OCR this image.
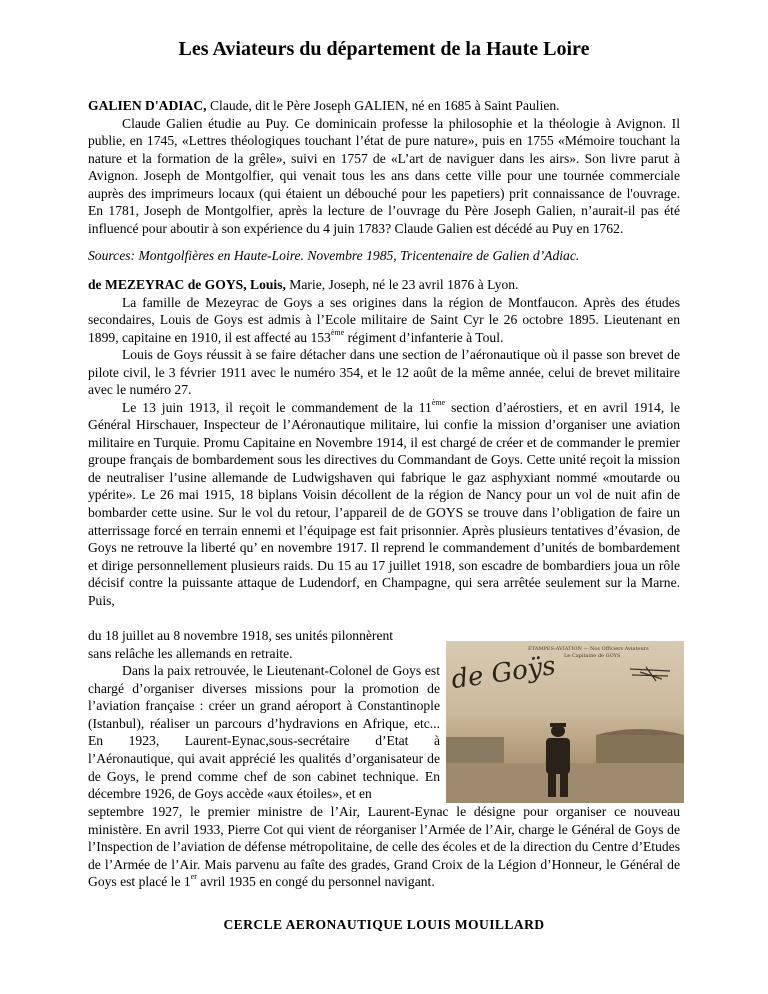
Les Aviateurs du département de la Haute Loire

GALIEN D'ADIAC, Claude, dit le Père Joseph GALIEN, né en 1685 à Saint Paulien.

Claude Galien étudie au Puy. Ce dominicain professe la philosophie et la théologie à Avignon. Il publie, en 1745, «Lettres théologiques touchant l’état de pure nature», puis en 1755 «Mémoire touchant la nature et la formation de la grêle», suivi en 1757 de «L’art de naviguer dans les airs». Son livre parut à Avignon. Joseph de Montgolfier, qui venait tous les ans dans cette ville pour une tournée commerciale auprès des imprimeurs locaux (qui étaient un débouché pour les papetiers) prit connaissance de l'ouvrage. En 1781, Joseph de Montgolfier, après la lecture de l’ouvrage du Père Joseph Galien, n’aurait-il pas été influencé pour aboutir à son expérience du 4 juin 1783? Claude Galien est décédé au Puy en 1762.

Sources: Montgolfières en Haute-Loire. Novembre 1985, Tricentenaire de Galien d’Adiac.

de MEZEYRAC de GOYS, Louis, Marie, Joseph, né le 23 avril 1876 à Lyon.

La famille de Mezeyrac de Goys a ses origines dans la région de Montfaucon. Après des études secondaires, Louis de Goys est admis à l’Ecole militaire de Saint Cyr le 26 octobre 1895. Lieutenant en 1899, capitaine en 1910, il est affecté au 153ème régiment d’infanterie à Toul.

Louis de Goys réussit à se faire détacher dans une section de l’aéronautique où il passe son brevet de pilote civil, le 3 février 1911 avec le numéro 354, et le 12 août de la même année, celui de brevet militaire avec le numéro 27.

Le 13 juin 1913, il reçoit le commandement de la 11ème section d’aérostiers, et en avril 1914, le Général Hirschauer, Inspecteur de l’Aéronautique militaire, lui confie la mission d’organiser une aviation militaire en Turquie. Promu Capitaine en Novembre 1914, il est chargé de créer et de commander le premier groupe français de bombardement sous les directives du Commandant de Goys. Cette unité reçoit la mission de neutraliser l’usine allemande de Ludwigshaven qui fabrique le gaz asphyxiant nommé «moutarde ou ypérite». Le 26 mai 1915, 18 biplans Voisin décollent de la région de Nancy pour un vol de nuit afin de bombarder cette usine. Sur le vol du retour, l’appareil de de GOYS se trouve dans l’obligation de faire un atterrissage forcé en terrain ennemi et l’équipage est fait prisonnier. Après plusieurs tentatives d’évasion, de Goys ne retrouve la liberté qu’ en novembre 1917. Il reprend le commandement d’unités de bombardement et dirige personnellement plusieurs raids. Du 15 au 17 juillet 1918, son escadre de bombardiers joua un rôle décisif contre la puissante attaque de Ludendorf, en Champagne, qui sera arrêtée seulement sur la Marne. Puis,

du 18 juillet au 8 novembre 1918, ses unités pilonnèrent
sans relâche les allemands en retraite.

Dans la paix retrouvée, le Lieutenant-Colonel de Goys est chargé d’organiser diverses missions pour la promotion de l’aviation française : créer un grand aéroport à Constantinople (Istanbul), réaliser un parcours d’hydravions en Afrique, etc... En 1923, Laurent-Eynac,sous-secrétaire d’Etat à l’Aéronautique, qui avait apprécié les qualités d’organisateur de de Goys, le prend comme chef de son cabinet technique. En décembre 1926, de Goys accède «aux étoiles», et en

septembre 1927, le premier ministre de l’Air, Laurent-Eynac le désigne pour organiser ce nouveau ministère. En avril 1933, Pierre Cot qui vient de réorganiser l’Armée de l’Air, charge le Général de Goys de l’Inspection de l’aviation de défense métropolitaine, de celle des écoles et de la direction du Centre d’Etudes de l’Armée de l’Air. Mais parvenu au faîte des grades, Grand Croix de la Légion d’Honneur, le Général de Goys est placé le 1er avril 1935 en congé du personnel navigant.

ÉTAMPES-AVIATION — Nos Officiers Aviateurs
Le Capitaine de GOYS
de Goÿs

CERCLE AERONAUTIQUE LOUIS MOUILLARD
